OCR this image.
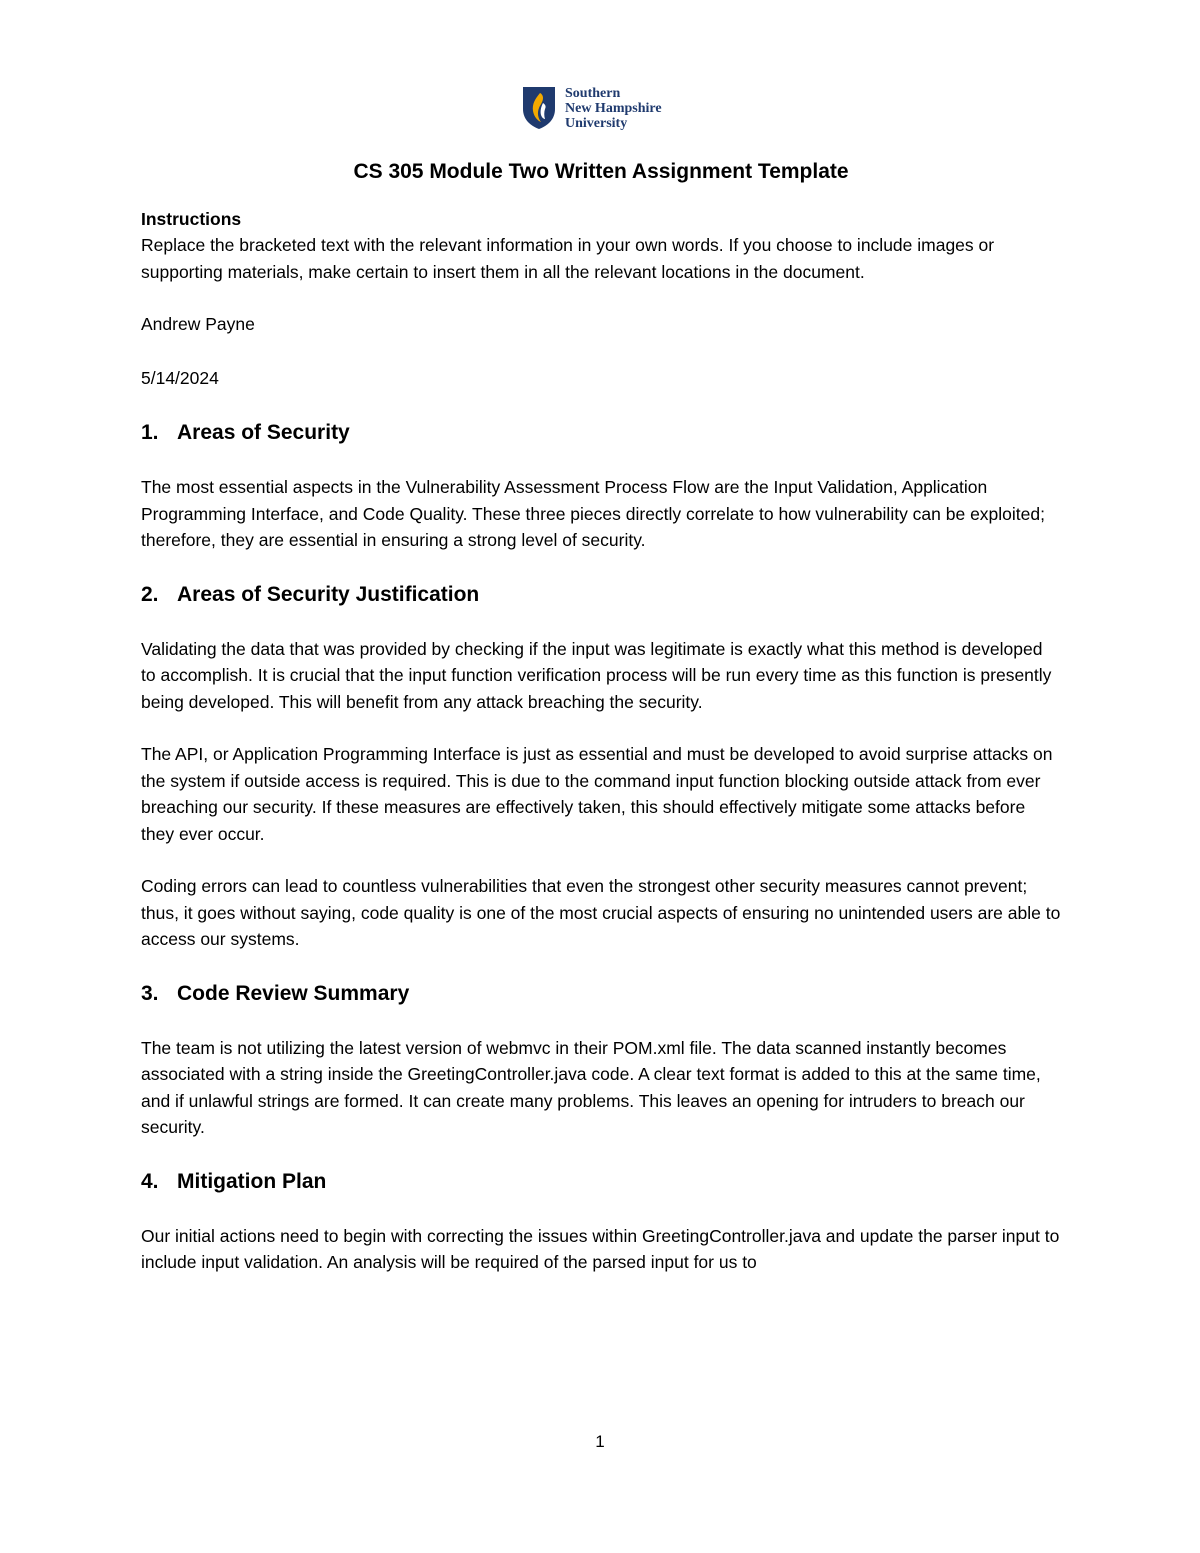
Southern
New Hampshire
University
CS 305 Module Two Written Assignment Template
Instructions

Replace the bracketed text with the relevant information in your own words. If you choose to include images or supporting materials, make certain to insert them in all the relevant locations in the document.

Andrew Payne

5/14/2024

1. Areas of Security

The most essential aspects in the Vulnerability Assessment Process Flow are the Input Validation, Application Programming Interface, and Code Quality. These three pieces directly correlate to how vulnerability can be exploited; therefore, they are essential in ensuring a strong level of security.

2. Areas of Security Justification

Validating the data that was provided by checking if the input was legitimate is exactly what this method is developed to accomplish. It is crucial that the input function verification process will be run every time as this function is presently being developed. This will benefit from any attack breaching the security.

The API, or Application Programming Interface is just as essential and must be developed to avoid surprise attacks on the system if outside access is required. This is due to the command input function blocking outside attack from ever breaching our security. If these measures are effectively taken, this should effectively mitigate some attacks before they ever occur.

Coding errors can lead to countless vulnerabilities that even the strongest other security measures cannot prevent; thus, it goes without saying, code quality is one of the most crucial aspects of ensuring no unintended users are able to access our systems.

3. Code Review Summary

The team is not utilizing the latest version of webmvc in their POM.xml file. The data scanned instantly becomes associated with a string inside the GreetingController.java code. A clear text format is added to this at the same time, and if unlawful strings are formed. It can create many problems. This leaves an opening for intruders to breach our security.

4. Mitigation Plan

Our initial actions need to begin with correcting the issues within GreetingController.java and update the parser input to include input validation. An analysis will be required of the parsed input for us to

1
